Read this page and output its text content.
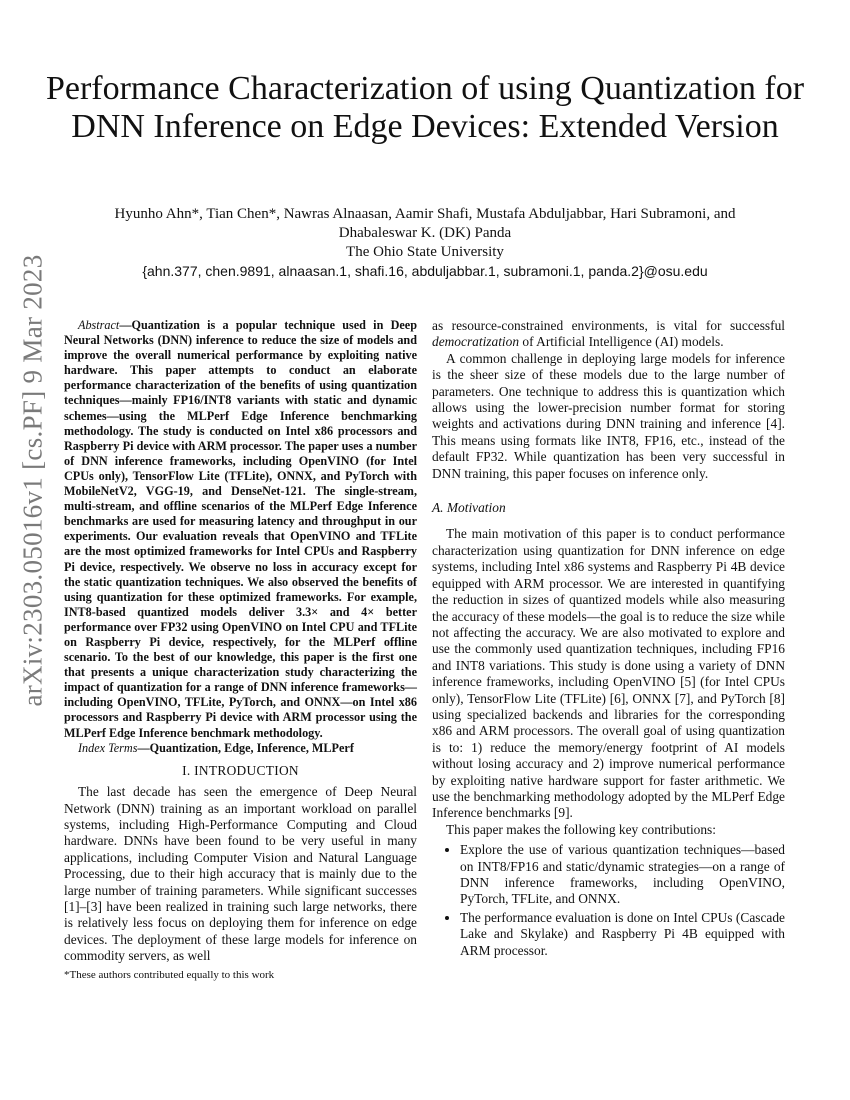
arXiv:2303.05016v1 [cs.PF] 9 Mar 2023
Performance Characterization of using Quantization for DNN Inference on Edge Devices: Extended Version
Hyunho Ahn*, Tian Chen*, Nawras Alnaasan, Aamir Shafi, Mustafa Abduljabbar, Hari Subramoni, and
Dhabaleswar K. (DK) Panda
The Ohio State University
{ahn.377, chen.9891, alnaasan.1, shafi.16, abduljabbar.1, subramoni.1, panda.2}@osu.edu

Abstract—Quantization is a popular technique used in Deep Neural Networks (DNN) inference to reduce the size of models and improve the overall numerical performance by exploiting native hardware. This paper attempts to conduct an elaborate performance characterization of the benefits of using quantization techniques—mainly FP16/INT8 variants with static and dynamic schemes—using the MLPerf Edge Inference benchmarking methodology. The study is conducted on Intel x86 processors and Raspberry Pi device with ARM processor. The paper uses a number of DNN inference frameworks, including OpenVINO (for Intel CPUs only), TensorFlow Lite (TFLite), ONNX, and PyTorch with MobileNetV2, VGG-19, and DenseNet-121. The single-stream, multi-stream, and offline scenarios of the MLPerf Edge Inference benchmarks are used for measuring latency and throughput in our experiments. Our evaluation reveals that OpenVINO and TFLite are the most optimized frameworks for Intel CPUs and Raspberry Pi device, respectively. We observe no loss in accuracy except for the static quantization techniques. We also observed the benefits of using quantization for these optimized frameworks. For example, INT8-based quantized models deliver 3.3× and 4× better performance over FP32 using OpenVINO on Intel CPU and TFLite on Raspberry Pi device, respectively, for the MLPerf offline scenario. To the best of our knowledge, this paper is the first one that presents a unique characterization study characterizing the impact of quantization for a range of DNN inference frameworks—including OpenVINO, TFLite, PyTorch, and ONNX—on Intel x86 processors and Raspberry Pi device with ARM processor using the MLPerf Edge Inference benchmark methodology.

Index Terms—Quantization, Edge, Inference, MLPerf

I. INTRODUCTION

The last decade has seen the emergence of Deep Neural Network (DNN) training as an important workload on parallel systems, including High-Performance Computing and Cloud hardware. DNNs have been found to be very useful in many applications, including Computer Vision and Natural Language Processing, due to their high accuracy that is mainly due to the large number of training parameters. While significant successes [1]–[3] have been realized in training such large networks, there is relatively less focus on deploying them for inference on edge devices. The deployment of these large models for inference on commodity servers, as well

*These authors contributed equally to this work

as resource-constrained environments, is vital for successful democratization of Artificial Intelligence (AI) models.

A common challenge in deploying large models for inference is the sheer size of these models due to the large number of parameters. One technique to address this is quantization which allows using the lower-precision number format for storing weights and activations during DNN training and inference [4]. This means using formats like INT8, FP16, etc., instead of the default FP32. While quantization has been very successful in DNN training, this paper focuses on inference only.

A. Motivation

The main motivation of this paper is to conduct performance characterization using quantization for DNN inference on edge systems, including Intel x86 systems and Raspberry Pi 4B device equipped with ARM processor. We are interested in quantifying the reduction in sizes of quantized models while also measuring the accuracy of these models—the goal is to reduce the size while not affecting the accuracy. We are also motivated to explore and use the commonly used quantization techniques, including FP16 and INT8 variations. This study is done using a variety of DNN inference frameworks, including OpenVINO [5] (for Intel CPUs only), TensorFlow Lite (TFLite) [6], ONNX [7], and PyTorch [8] using specialized backends and libraries for the corresponding x86 and ARM processors. The overall goal of using quantization is to: 1) reduce the memory/energy footprint of AI models without losing accuracy and 2) improve numerical performance by exploiting native hardware support for faster arithmetic. We use the benchmarking methodology adopted by the MLPerf Edge Inference benchmarks [9].

This paper makes the following key contributions:

• Explore the use of various quantization techniques—based on INT8/FP16 and static/dynamic strategies—on a range of DNN inference frameworks, including OpenVINO, PyTorch, TFLite, and ONNX.
• The performance evaluation is done on Intel CPUs (Cascade Lake and Skylake) and Raspberry Pi 4B equipped with ARM processor.
